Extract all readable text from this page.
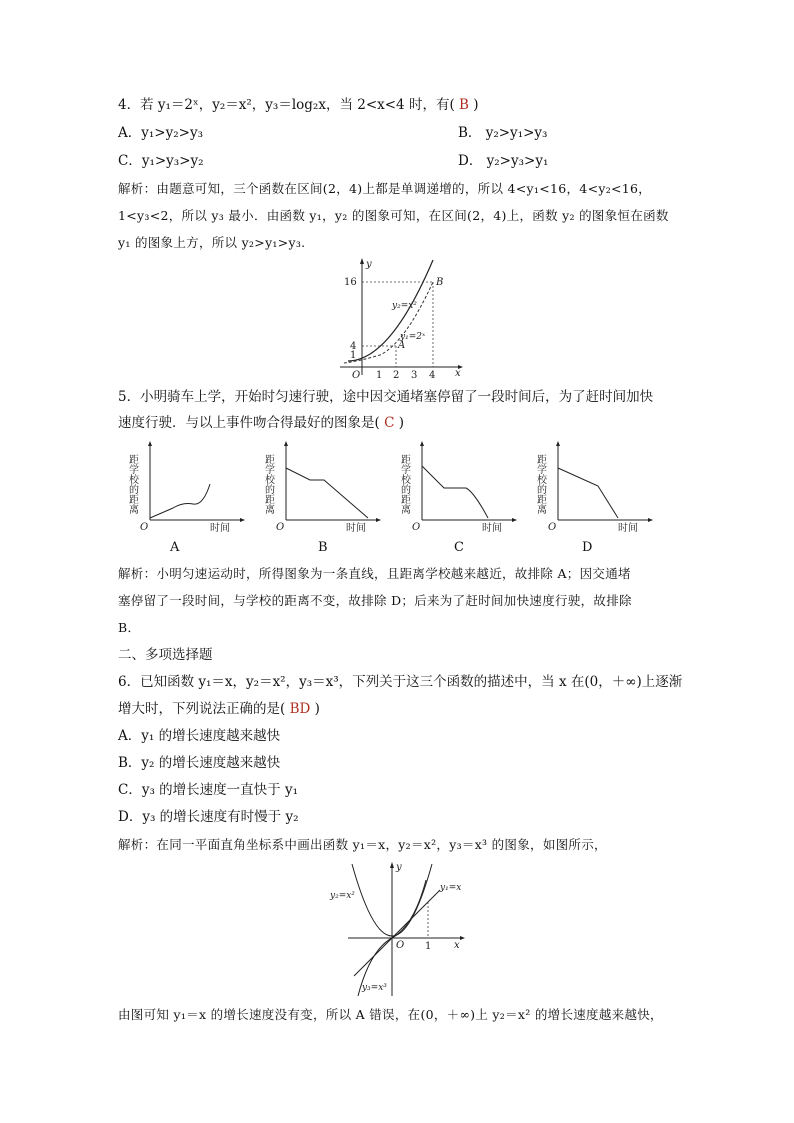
4．若 y₁＝2ˣ，y₂＝x²，y₃＝log₂x，当 2<x<4 时，有( B )
A．y₁>y₂>y₃	B． y₂>y₁>y₃
C．y₁>y₃>y₂	D． y₂>y₃>y₁
解析：由题意可知，三个函数在区间(2，4)上都是单调递增的，所以 4<y₁<16，4<y₂<16，
1<y₃<2，所以 y₃ 最小．由函数 y₁，y₂ 的图象可知，在区间(2，4)上，函数 y₂ 的图象恒在函数
y₁ 的图象上方，所以 y₂>y₁>y₃.
16
4
1
O 1 2 3 4 x
y
A
B
y₂=x²
y₁=2ˣ
5．小明骑车上学，开始时匀速行驶，途中因交通堵塞停留了一段时间后，为了赶时间加快
速度行驶．与以上事件吻合得最好的图象是( C )
距学校的距离
时间
O
距学校的距离
时间
O
距学校的距离
时间
O
距学校的距离
时间
O
A	B	C	D
解析：小明匀速运动时，所得图象为一条直线，且距离学校越来越近，故排除 A；因交通堵
塞停留了一段时间，与学校的距离不变，故排除 D；后来为了赶时间加快速度行驶，故排除
B．
二、多项选择题
6．已知函数 y₁＝x，y₂＝x²，y₃＝x³，下列关于这三个函数的描述中，当 x 在(0，＋∞)上逐渐
增大时，下列说法正确的是( BD )
A．y₁ 的增长速度越来越快
B．y₂ 的增长速度越来越快
C．y₃ 的增长速度一直快于 y₁
D．y₃ 的增长速度有时慢于 y₂
解析：在同一平面直角坐标系中画出函数 y₁＝x，y₂＝x²，y₃＝x³ 的图象，如图所示，
y₂=x²
y₁=x
y₃=x³
O 1 x
y
由图可知 y₁＝x 的增长速度没有变，所以 A 错误，在(0，＋∞)上 y₂＝x² 的增长速度越来越快，
